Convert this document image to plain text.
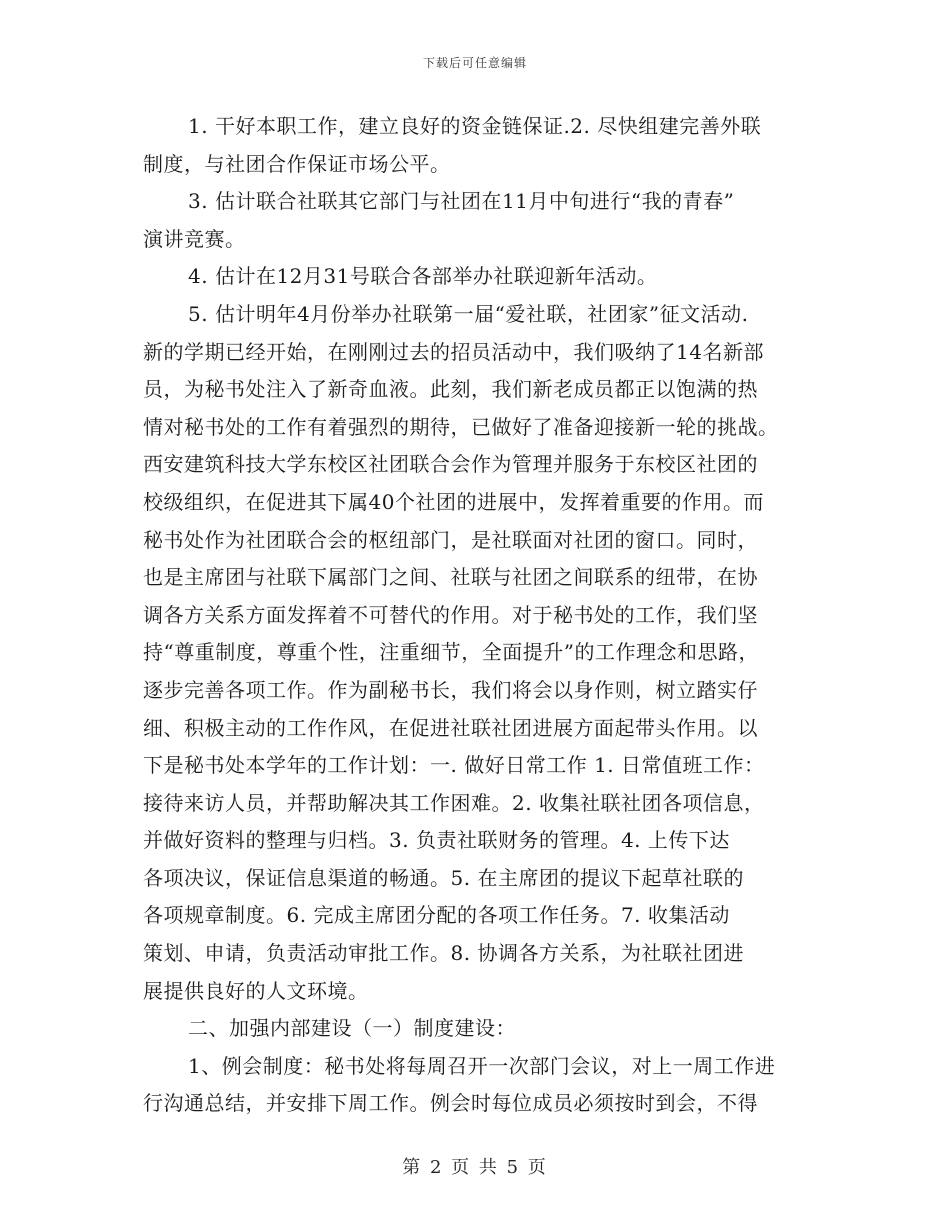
下载后可任意编辑
1. 干好本职工作，建立良好的资金链保证.2. 尽快组建完善外联
制度，与社团合作保证市场公平。
3. 估计联合社联其它部门与社团在11月中旬进行“我的青春”
演讲竞赛。
4. 估计在12月31号联合各部举办社联迎新年活动。
5. 估计明年4月份举办社联第一届“爱社联，社团家”征文活动.
新的学期已经开始，在刚刚过去的招员活动中，我们吸纳了14名新部
员，为秘书处注入了新奇血液。此刻，我们新老成员都正以饱满的热
情对秘书处的工作有着强烈的期待，已做好了准备迎接新一轮的挑战。
西安建筑科技大学东校区社团联合会作为管理并服务于东校区社团的
校级组织，在促进其下属40个社团的进展中，发挥着重要的作用。而
秘书处作为社团联合会的枢纽部门，是社联面对社团的窗口。同时，
也是主席团与社联下属部门之间、社联与社团之间联系的纽带，在协
调各方关系方面发挥着不可替代的作用。对于秘书处的工作，我们坚
持“尊重制度，尊重个性，注重细节，全面提升”的工作理念和思路，
逐步完善各项工作。作为副秘书长，我们将会以身作则，树立踏实仔
细、积极主动的工作作风，在促进社联社团进展方面起带头作用。以
下是秘书处本学年的工作计划：一. 做好日常工作 1. 日常值班工作：
接待来访人员，并帮助解决其工作困难。2. 收集社联社团各项信息，
并做好资料的整理与归档。3. 负责社联财务的管理。4. 上传下达
各项决议，保证信息渠道的畅通。5. 在主席团的提议下起草社联的
各项规章制度。6. 完成主席团分配的各项工作任务。7. 收集活动
策划、申请，负责活动审批工作。8. 协调各方关系，为社联社团进
展提供良好的人文环境。
二、加强内部建设（一）制度建设：
1、例会制度：秘书处将每周召开一次部门会议，对上一周工作进
行沟通总结，并安排下周工作。例会时每位成员必须按时到会，不得
第 2 页 共 5 页
